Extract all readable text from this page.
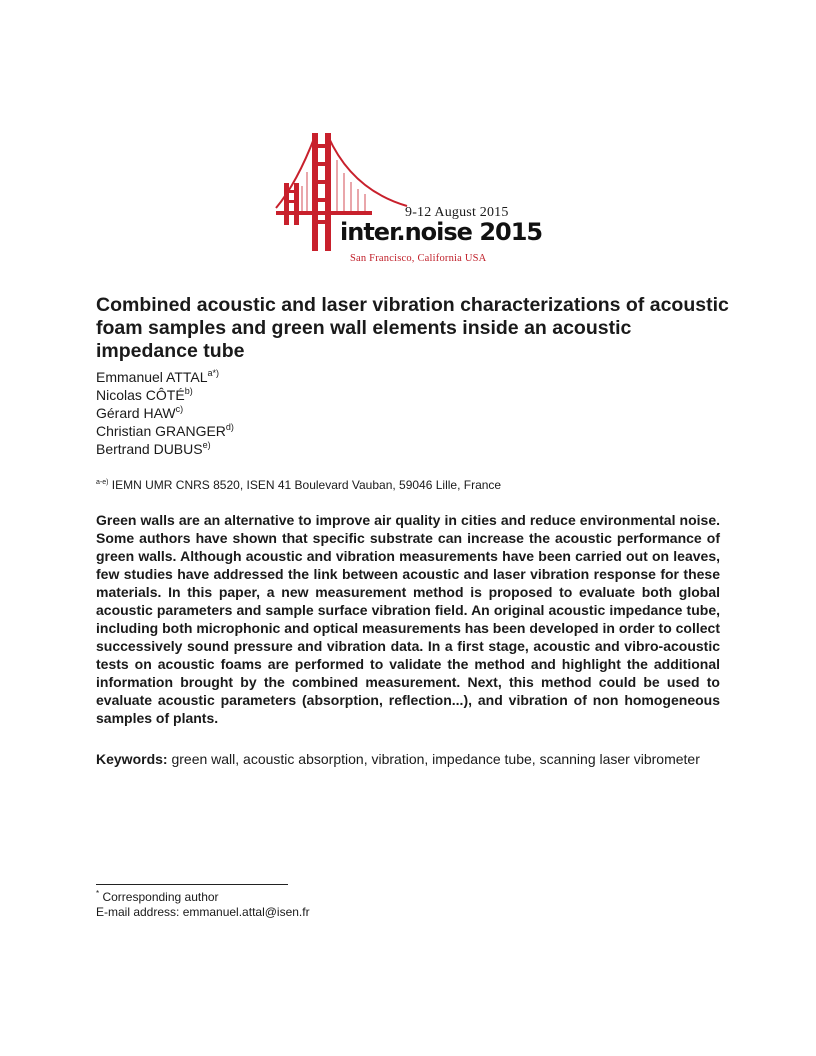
9-12 August 2015
inter.noise 2015
San Francisco, California USA
Combined acoustic and laser vibration characterizations of acoustic foam samples and green wall elements inside an acoustic impedance tube
Emmanuel $ATTAL^{a*)}$
Nicolas CÔTÉ$^{b)}$
Gérard HAW$^{c)}$
Christian GRANGER$^{d)}$
Bertrand DUBUS$^{e)}$
$^{a-e)}$ IEMN UMR CNRS 8520, ISEN 41 Boulevard Vauban, 59046 Lille, France

Green walls are an alternative to improve air quality in cities and reduce environmental noise. Some authors have shown that specific substrate can increase the acoustic performance of green walls. Although acoustic and vibration measurements have been carried out on leaves, few studies have addressed the link between acoustic and laser vibration response for these materials. In this paper, a new measurement method is proposed to evaluate both global acoustic parameters and sample surface vibration field. An original acoustic impedance tube, including both microphonic and optical measurements has been developed in order to collect successively sound pressure and vibration data. In a first stage, acoustic and vibro-acoustic tests on acoustic foams are performed to validate the method and highlight the additional information brought by the combined measurement. Next, this method could be used to evaluate acoustic parameters (absorption, reflection...), and vibration of non homogeneous samples of plants.

Keywords: green wall, acoustic absorption, vibration, impedance tube, scanning laser vibrometer

* Corresponding author
E-mail address: emmanuel.attal@isen.fr
